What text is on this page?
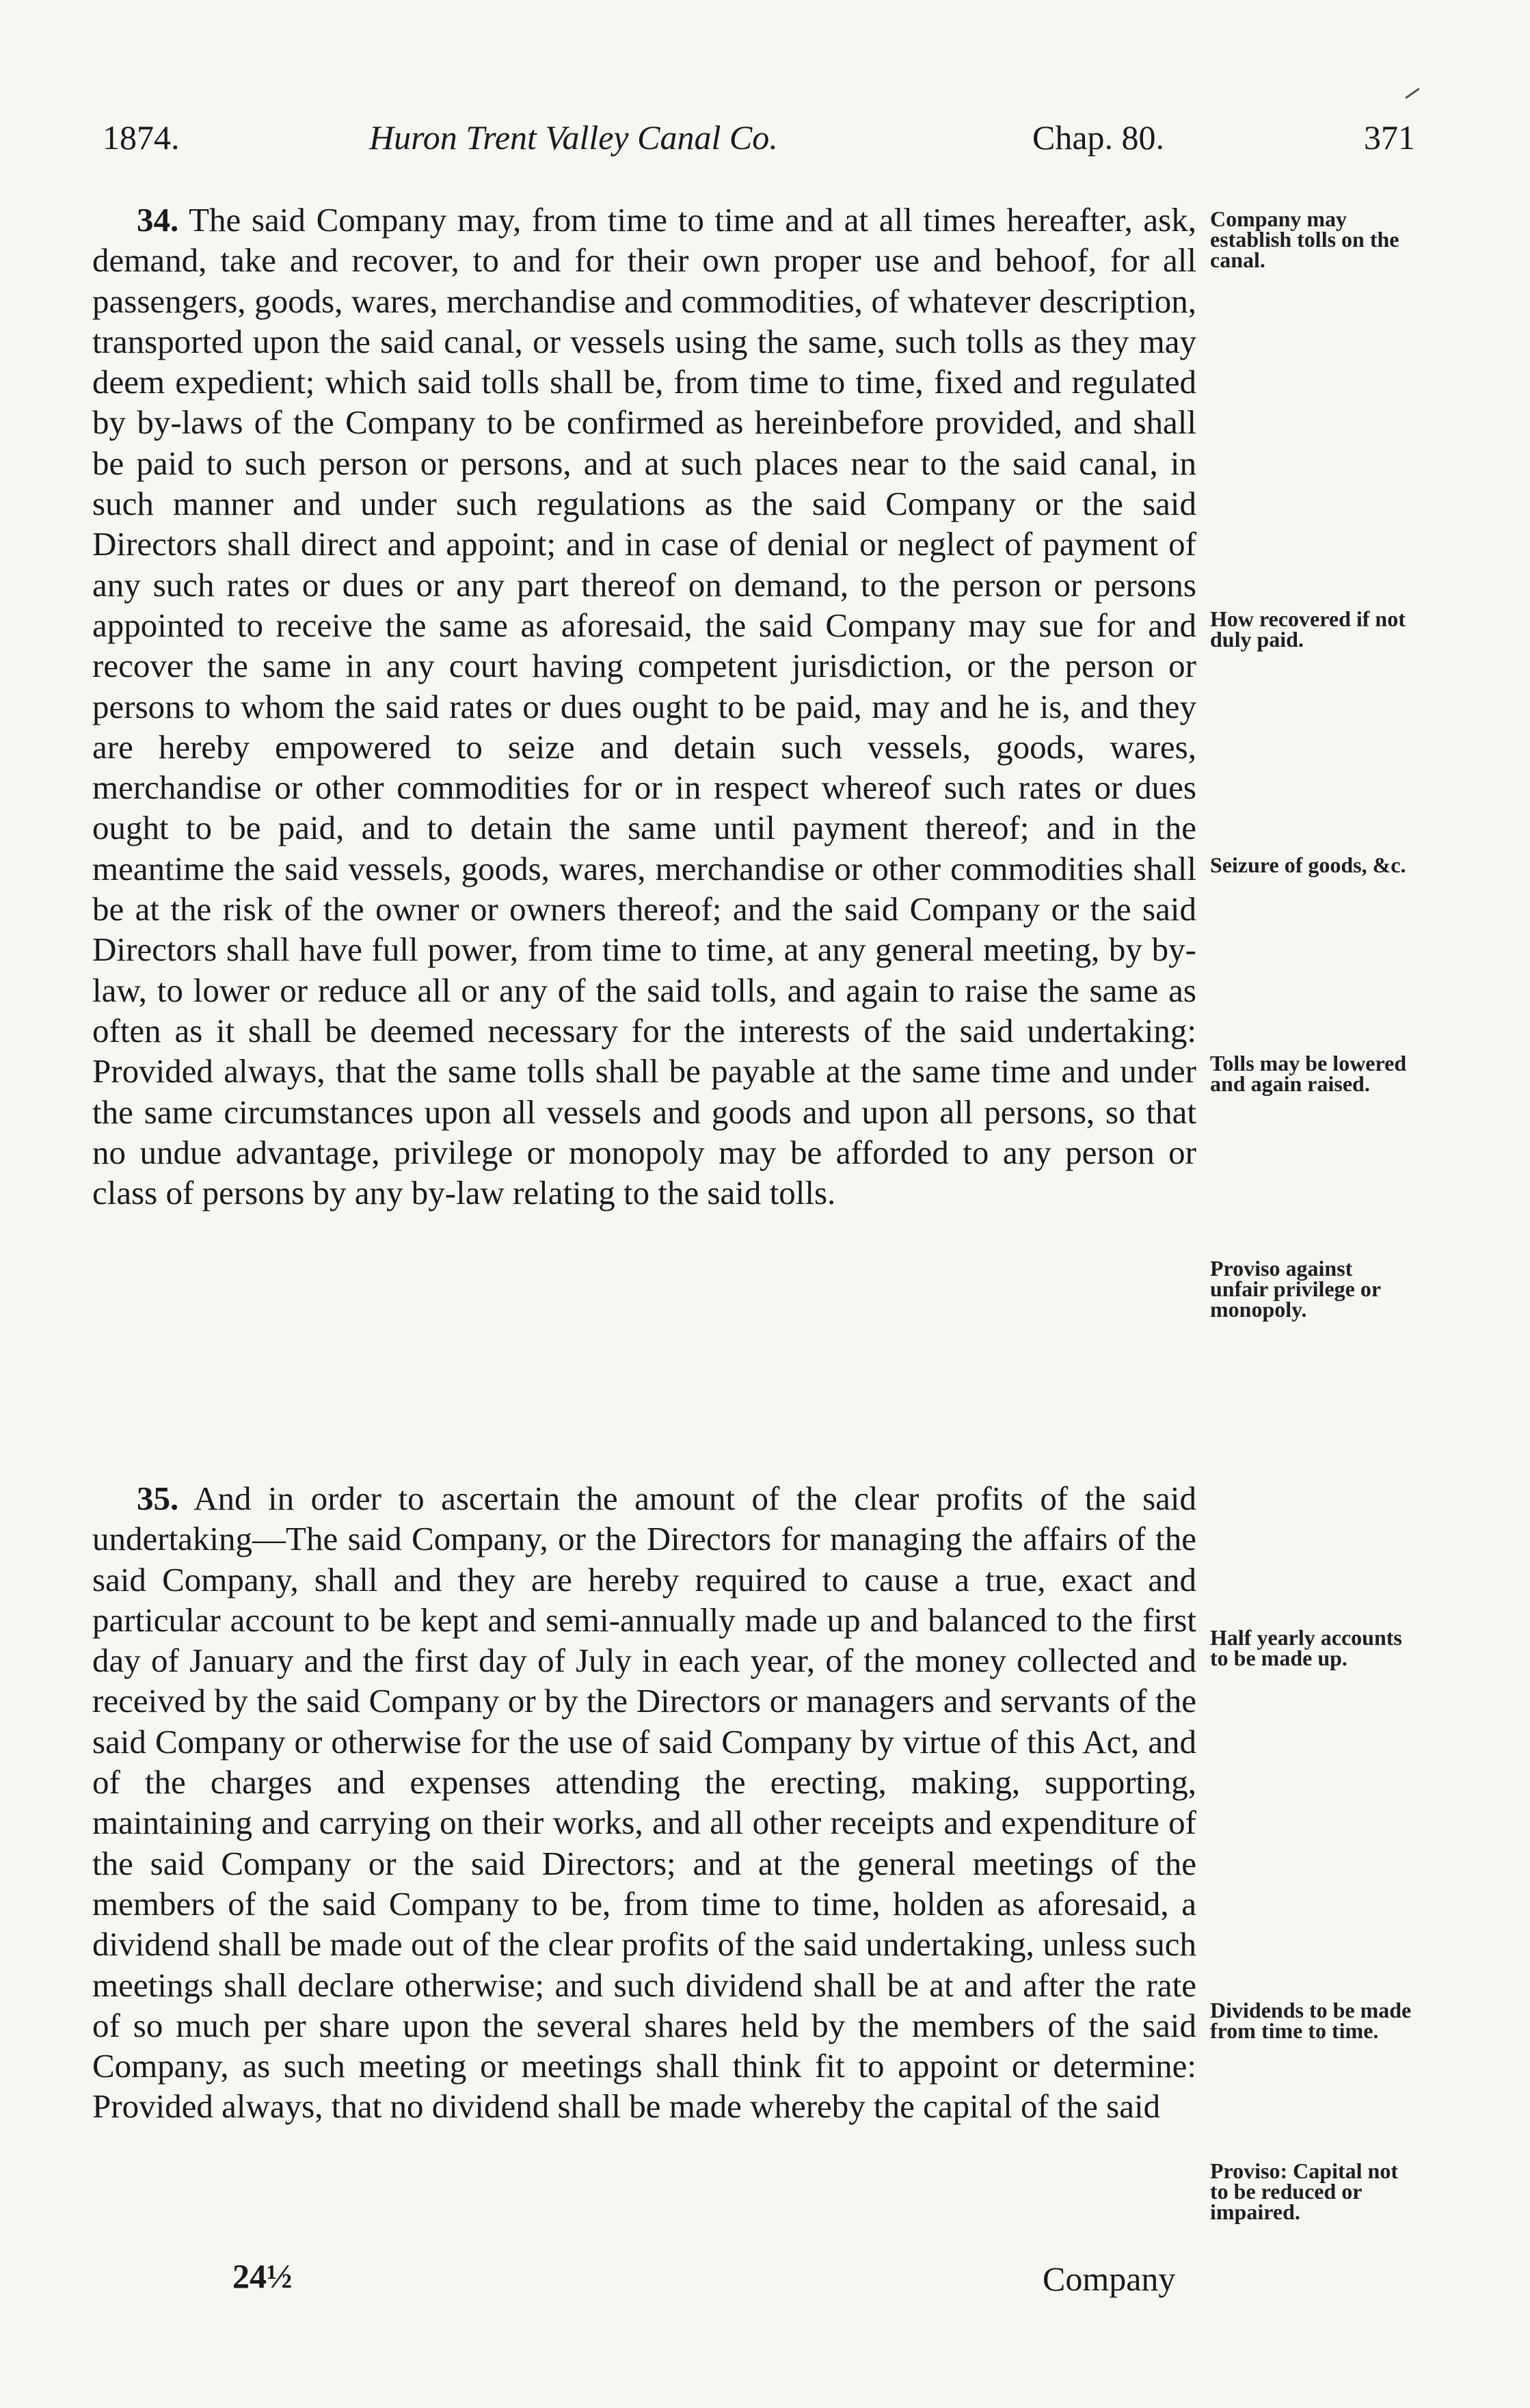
1874.	Huron Trent Valley Canal Co.	Chap. 80.	371

34. The said Company may, from time to time and at all times hereafter, ask, demand, take and recover, to and for their own proper use and behoof, for all passengers, goods, wares, merchandise and commodities, of whatever description, transported upon the said canal, or vessels using the same, such tolls as they may deem expedient; which said tolls shall be, from time to time, fixed and regulated by by-laws of the Company to be confirmed as hereinbefore provided, and shall be paid to such person or persons, and at such places near to the said canal, in such manner and under such regulations as the said Company or the said Directors shall direct and appoint; and in case of denial or neglect of payment of any such rates or dues or any part thereof on demand, to the person or persons appointed to receive the same as aforesaid, the said Company may sue for and recover the same in any court having competent jurisdiction, or the person or persons to whom the said rates or dues ought to be paid, may and he is, and they are hereby empowered to seize and detain such vessels, goods, wares, merchandise or other commodities for or in respect whereof such rates or dues ought to be paid, and to detain the same until payment thereof; and in the meantime the said vessels, goods, wares, merchandise or other commodities shall be at the risk of the owner or owners thereof; and the said Company or the said Directors shall have full power, from time to time, at any general meeting, by by-law, to lower or reduce all or any of the said tolls, and again to raise the same as often as it shall be deemed necessary for the interests of the said undertaking: Provided always, that the same tolls shall be payable at the same time and under the same circumstances upon all vessels and goods and upon all persons, so that no undue advantage, privilege or monopoly may be afforded to any person or class of persons by any by-law relating to the said tolls.

35. And in order to ascertain the amount of the clear profits of the said undertaking—The said Company, or the Directors for managing the affairs of the said Company, shall and they are hereby required to cause a true, exact and particular account to be kept and semi-annually made up and balanced to the first day of January and the first day of July in each year, of the money collected and received by the said Company or by the Directors or managers and servants of the said Company or otherwise for the use of said Company by virtue of this Act, and of the charges and expenses attending the erecting, making, supporting, maintaining and carrying on their works, and all other receipts and expenditure of the said Company or the said Directors; and at the general meetings of the members of the said Company to be, from time to time, holden as aforesaid, a dividend shall be made out of the clear profits of the said undertaking, unless such meetings shall declare otherwise; and such dividend shall be at and after the rate of so much per share upon the several shares held by the members of the said Company, as such meeting or meetings shall think fit to appoint or determine: Provided always, that no dividend shall be made whereby the capital of the said

Company may establish tolls on the canal.
How recovered if not duly paid.
Seizure of goods, &c.
Tolls may be lowered and again raised.
Proviso against unfair privilege or monopoly.
Half yearly accounts to be made up.
Dividends to be made from time to time.
Proviso: Capital not to be reduced or impaired.
24½	Company
